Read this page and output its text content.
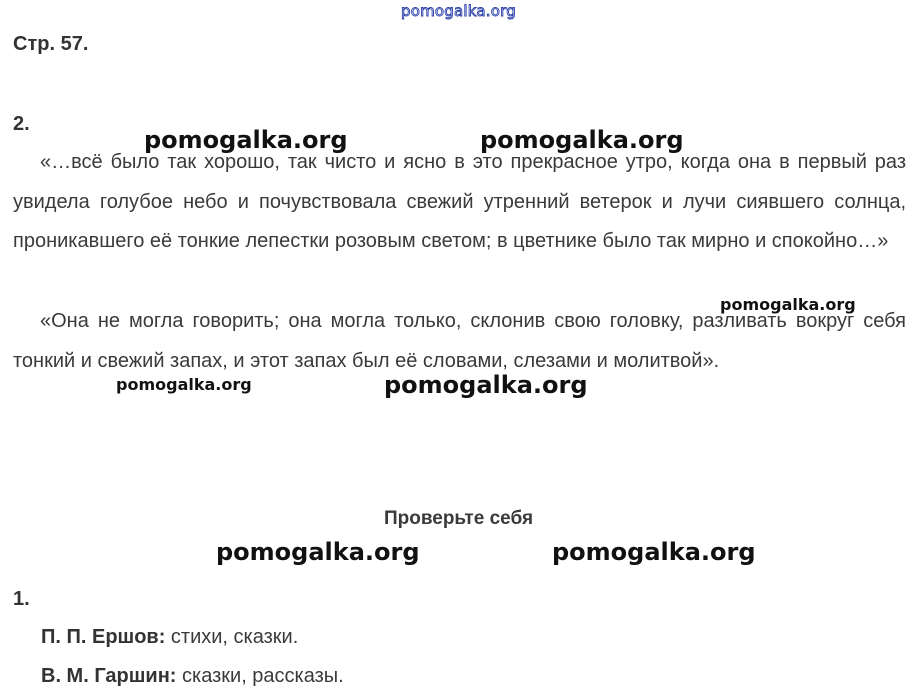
pomogalka.org
Стр. 57.
2.
«…всё было так хорошо, так чисто и ясно в это прекрасное утро, когда она в первый раз увидела голубое небо и почувствовала свежий утренний ветерок и лучи сиявшего солнца, проникавшего её тонкие лепестки розовым светом; в цветнике было так мирно и спокойно…»
«Она не могла говорить; она могла только, склонив свою головку, разливать вокруг себя тонкий и свежий запах, и этот запах был её словами, слезами и молитвой».
Проверьте себя
1.
П. П. Ершов: стихи, сказки.
В. М. Гаршин: сказки, рассказы.
pomogalka.org	pomogalka.org
pomogalka.org
pomogalka.org	pomogalka.org
pomogalka.org	pomogalka.org
